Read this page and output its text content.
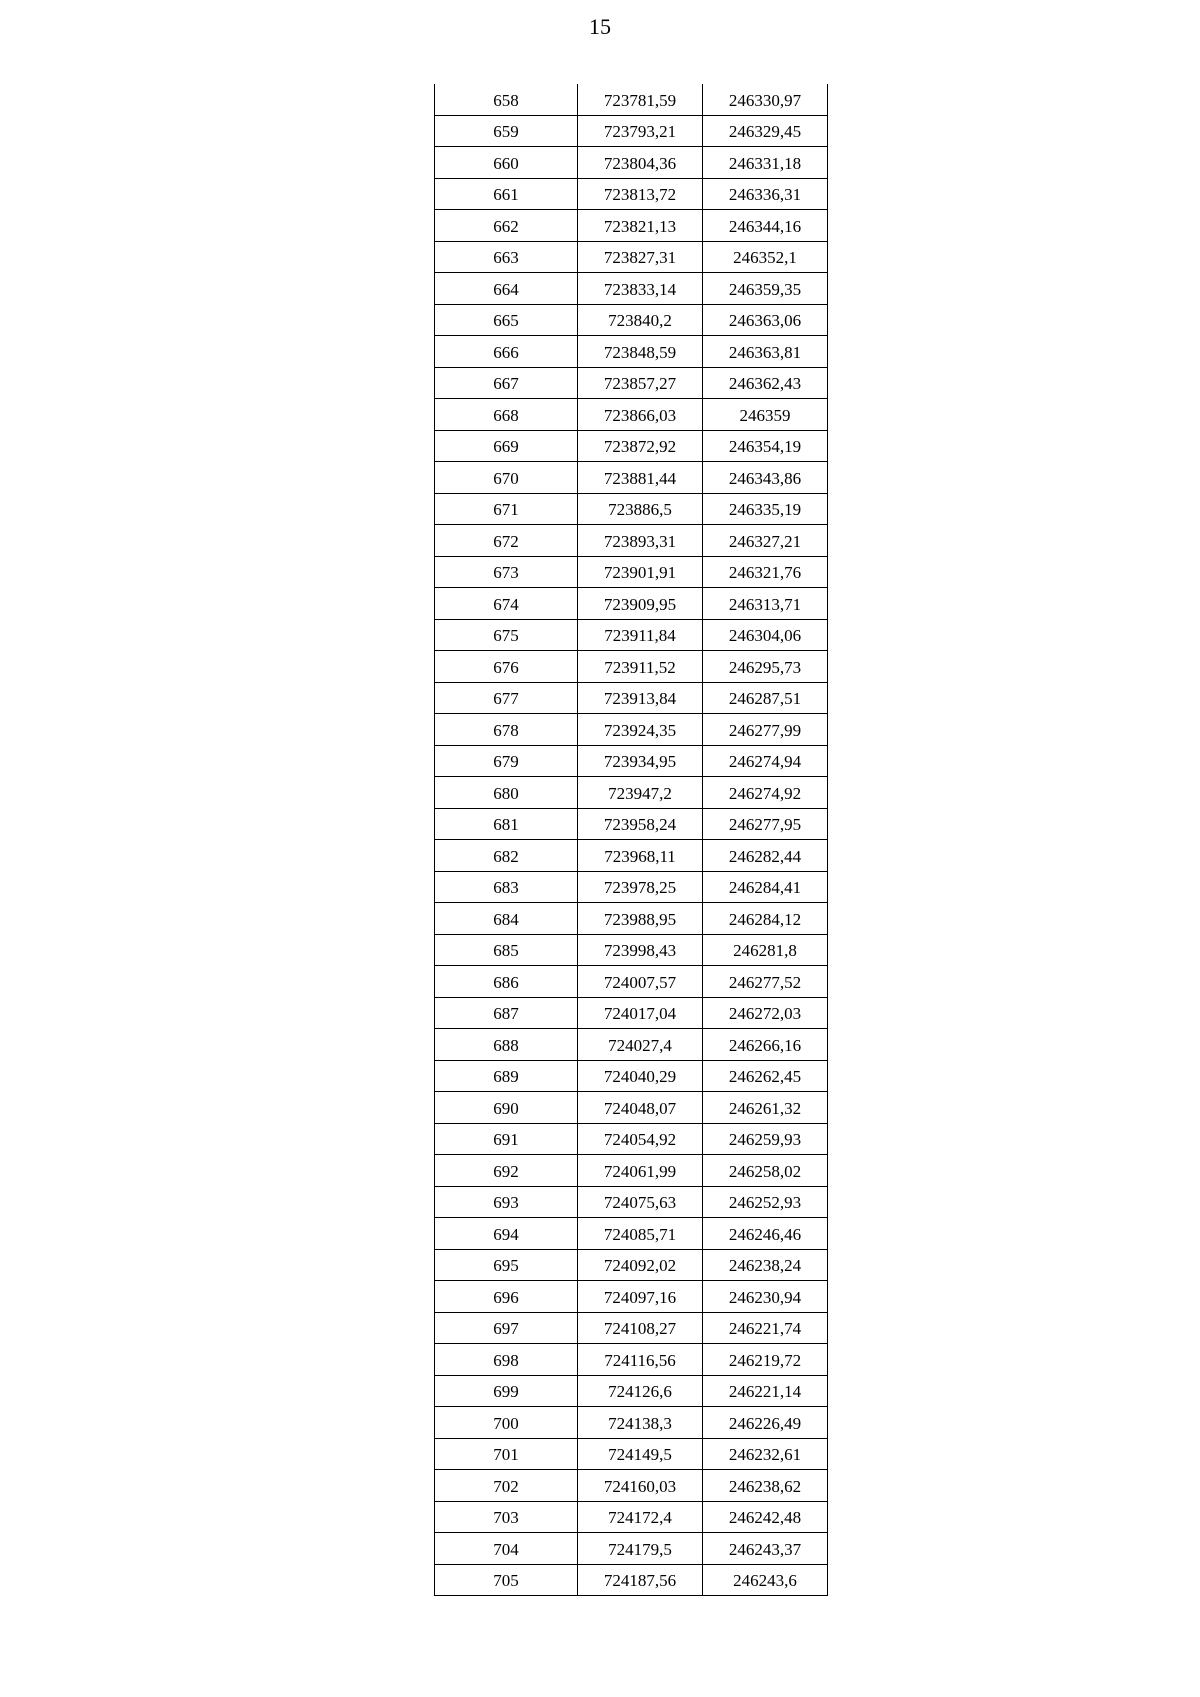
15
658	723781,59	246330,97
659	723793,21	246329,45
660	723804,36	246331,18
661	723813,72	246336,31
662	723821,13	246344,16
663	723827,31	246352,1
664	723833,14	246359,35
665	723840,2	246363,06
666	723848,59	246363,81
667	723857,27	246362,43
668	723866,03	246359
669	723872,92	246354,19
670	723881,44	246343,86
671	723886,5	246335,19
672	723893,31	246327,21
673	723901,91	246321,76
674	723909,95	246313,71
675	723911,84	246304,06
676	723911,52	246295,73
677	723913,84	246287,51
678	723924,35	246277,99
679	723934,95	246274,94
680	723947,2	246274,92
681	723958,24	246277,95
682	723968,11	246282,44
683	723978,25	246284,41
684	723988,95	246284,12
685	723998,43	246281,8
686	724007,57	246277,52
687	724017,04	246272,03
688	724027,4	246266,16
689	724040,29	246262,45
690	724048,07	246261,32
691	724054,92	246259,93
692	724061,99	246258,02
693	724075,63	246252,93
694	724085,71	246246,46
695	724092,02	246238,24
696	724097,16	246230,94
697	724108,27	246221,74
698	724116,56	246219,72
699	724126,6	246221,14
700	724138,3	246226,49
701	724149,5	246232,61
702	724160,03	246238,62
703	724172,4	246242,48
704	724179,5	246243,37
705	724187,56	246243,6
